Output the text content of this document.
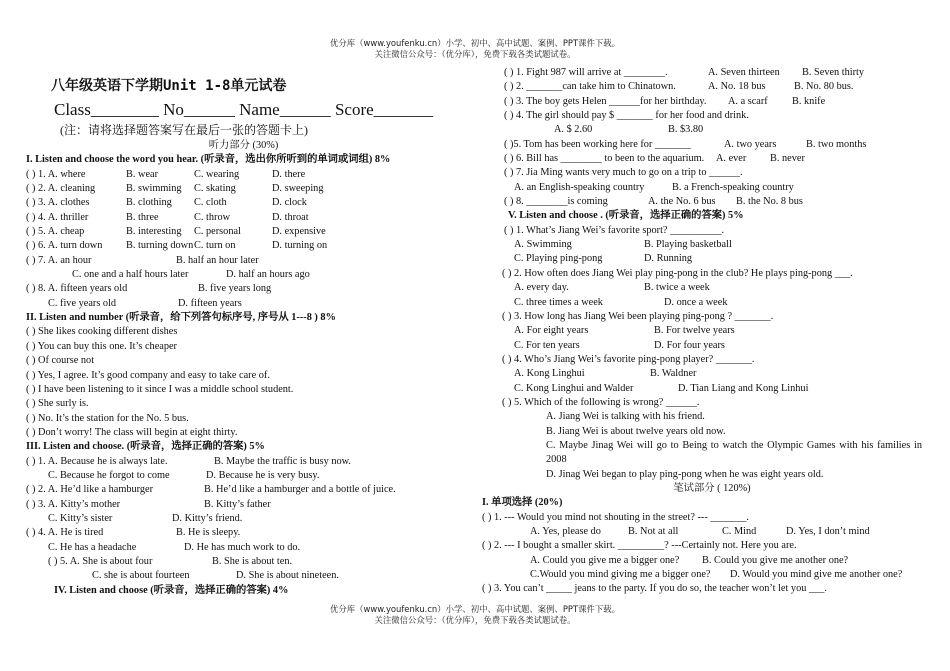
优分库（www.youfenku.cn）小学、初中、高中试题、案例、PPT课件下载。
关注微信公众号：（优分库），免费下载各类试题试卷。
八年级英语下学期Unit 1-8单元试卷
Class________ No______ Name______ Score_______
(注：请将选择题答案写在最后一张的答题卡上)
听力部分 (30%)
I. Listen and choose the word you hear. (听录音，选出你所听到的单词或词组) 8%
( ) 1. A. where	B. wear	C. wearing	D. there
( ) 2. A. cleaning	B. swimming C. skating	D. sweeping
( ) 3. A. clothes	B. clothing C. cloth	D. clock
( ) 4. A. thriller	B. three	C. throw	D. throat
( ) 5. A. cheap	B. interesting C. personal	D. expensive
( ) 6. A. turn down B. turning downC. turn on	D. turning on
( ) 7. A. an hour	B. half an hour later
C. one and a half hours later	D. half an hours ago
( ) 8. A. fifteen years old	B. five years long
C. five years old	D. fifteen years
II. Listen and number (听录音，给下列答句标序号, 序号从 1---8 ) 8%
( ) She likes cooking different dishes
( ) You can buy this one. It’s cheaper
( ) Of course not
( ) Yes, I agree. It’s good company and easy to take care of.
( ) I have been listening to it since I was a middle school student.
( ) She surly is.
( ) No. It’s the station for the No. 5 bus.
( ) Don’t worry! The class will begin at eight thirty.
III. Listen and choose. (听录音，选择正确的答案) 5%
( ) 1. A. Because he is always late.	B. Maybe the traffic is busy now.
C. Because he forgot to come	D. Because he is very busy.
( ) 2. A. He’d like a hamburger	B. He’d like a hamburger and a bottle of juice.
( ) 3. A. Kitty’s mother	B. Kitty’s father
C. Kitty’s sister	D. Kitty’s friend.
( ) 4. A. He is tired	B. He is sleepy.
C. He has a headache	D. He has much work to do.
( ) 5. A. She is about four	B. She is about ten.
C. she is about fourteen	D. She is about nineteen.
IV. Listen and choose (听录音，选择正确的答案) 4%
( ) 1. Fight 987 will arrive at ________.	A. Seven thirteen B. Seven thirty
( ) 2. _______can take him to Chinatown.	A. No. 18 bus	B. No. 80 bus.
( ) 3. The boy gets Helen ______for her birthday. A. a scarf B. knife
( ) 4. The girl should pay $ _______ for her food and drink.
A. $ 2.60	B. $3.80
( )5. Tom has been working here for _______	A. two years	B. two months
( ) 6. Bill has ________ to been to the aquarium. A. ever B. never
( ) 7. Jia Ming wants very much to go on a trip to ______.
A. an English-speaking country	B. a French-speaking country
( ) 8. ________is coming	A. the No. 6 bus B. the No. 8 bus
V. Listen and choose . (听录音，选择正确的答案) 5%
( ) 1. What’s Jiang Wei’s favorite sport? __________.
A. Swimming	B. Playing basketball
C. Playing ping-pong	D. Running
( ) 2. How often does Jiang Wei play ping-pong in the club? He plays ping-pong ___.
A. every day.	B. twice a week
C. three times a week	D. once a week
( ) 3. How long has Jiang Wei been playing ping-pong ? _______.
A. For eight years	B. For twelve years
C. For ten years	D. For four years
( ) 4. Who’s Jiang Wei’s favorite ping-pong player? _______.
A. Kong Linghui	B. Waldner
C. Kong Linghui and Walder	D. Tian Liang and Kong Linhui
( ) 5. Which of the following is wrong? ______.
A. Jiang Wei is talking with his friend.
B. Jiang Wei is about twelve years old now.
C. Maybe Jinag Wei will go to Being to watch the Olympic Games with his families in 2008
D. Jinag Wei began to play ping-pong when he was eight years old.
笔试部分 ( 120%)
I. 单项选择 (20%)
( ) 1. --- Would you mind not shouting in the street? --- _______.
A. Yes, please do	B. Not at all	C. Mind	D. Yes, I don’t mind
( ) 2. --- I bought a smaller skirt. _________? ---Certainly not. Here you are.
A. Could you give me a bigger one? B. Could you give me another one?
C.Would you mind giving me a bigger one? D. Would you mind give me another one?
( ) 3. You can’t _____ jeans to the party. If you do so, the teacher won’t let you ___.
优分库（www.youfenku.cn）小学、初中、高中试题、案例、PPT课件下载。
关注微信公众号：（优分库），免费下载各类试题试卷。
